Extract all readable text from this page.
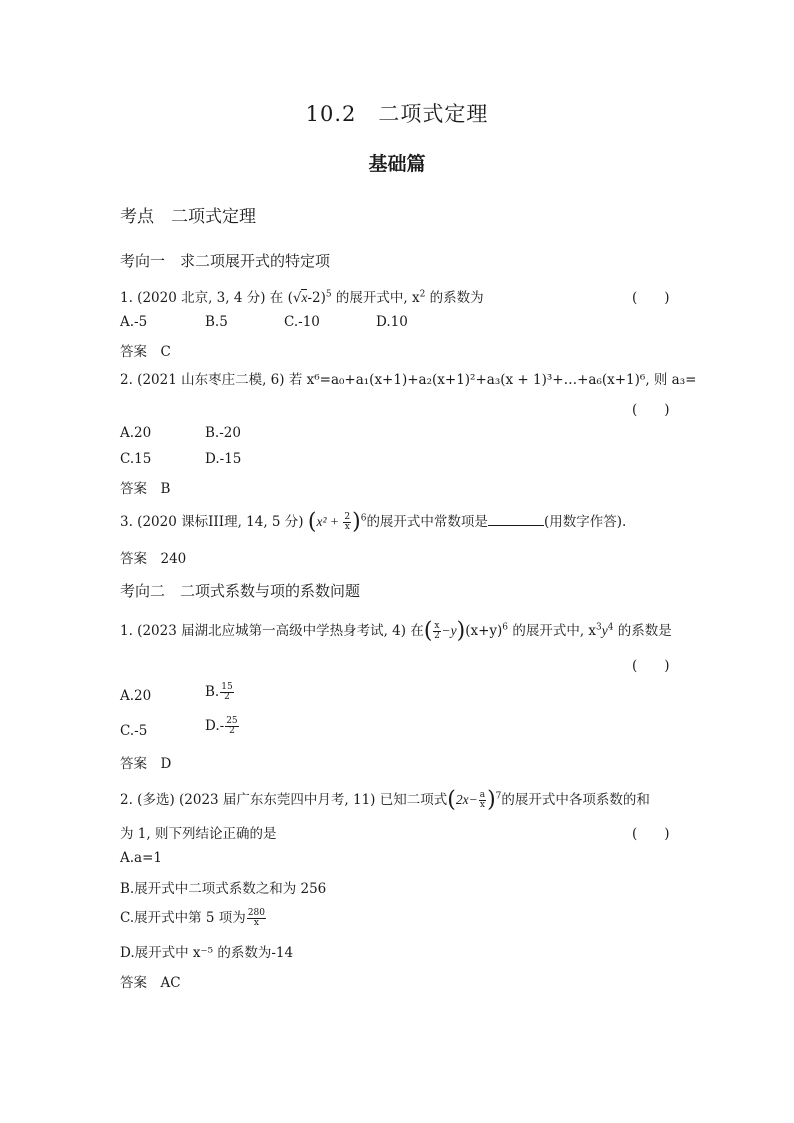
10.2　二项式定理
基础篇
考点　二项式定理
考向一　求二项展开式的特定项
1. (2020 北京, 3, 4 分) 在 $(√x-2)^5$ 的展开式中, $x^2$ 的系数为	(　　)
A.-5	B.5	C.-10	D.10
答案　C
2. (2021 山东枣庄二模, 6) 若 x⁶=a₀+a₁(x+1)+a₂(x+1)²+a₃(x + 1)³+…+a₆(x+1)⁶, 则 a₃=
(　　)
A.20	B.-20
C.15	D.-15
答案　B
3. (2020 课标III理, 14, 5 分) $(x^2 + \frac{2}{x} )^6$的展开式中常数项是	(用数字作答).
答案　240
考向二　二项式系数与项的系数问题
1. (2023 届湖北应城第一高级中学热身考试, 4) 在( $\frac{x}{2} -y)(x+y)^6$ 的展开式中, $x^3y^4$ 的系数是
(　　)
A.20	B. $\frac{15}{2}$
C.-5	$D.- \frac{25}{2}$
答案　D
2. (多选) (2023 届广东东莞四中月考, 11) 已知二项式$(2x- \frac{a}{x} )^7$的展开式中各项系数的和
为 1, 则下列结论正确的是	(　　)
A.a=1
B.展开式中二项式系数之和为 256
C.展开式中第 5 项为 $\frac{280}{x}$
D.展开式中 x⁻⁵ 的系数为-14
答案　AC
